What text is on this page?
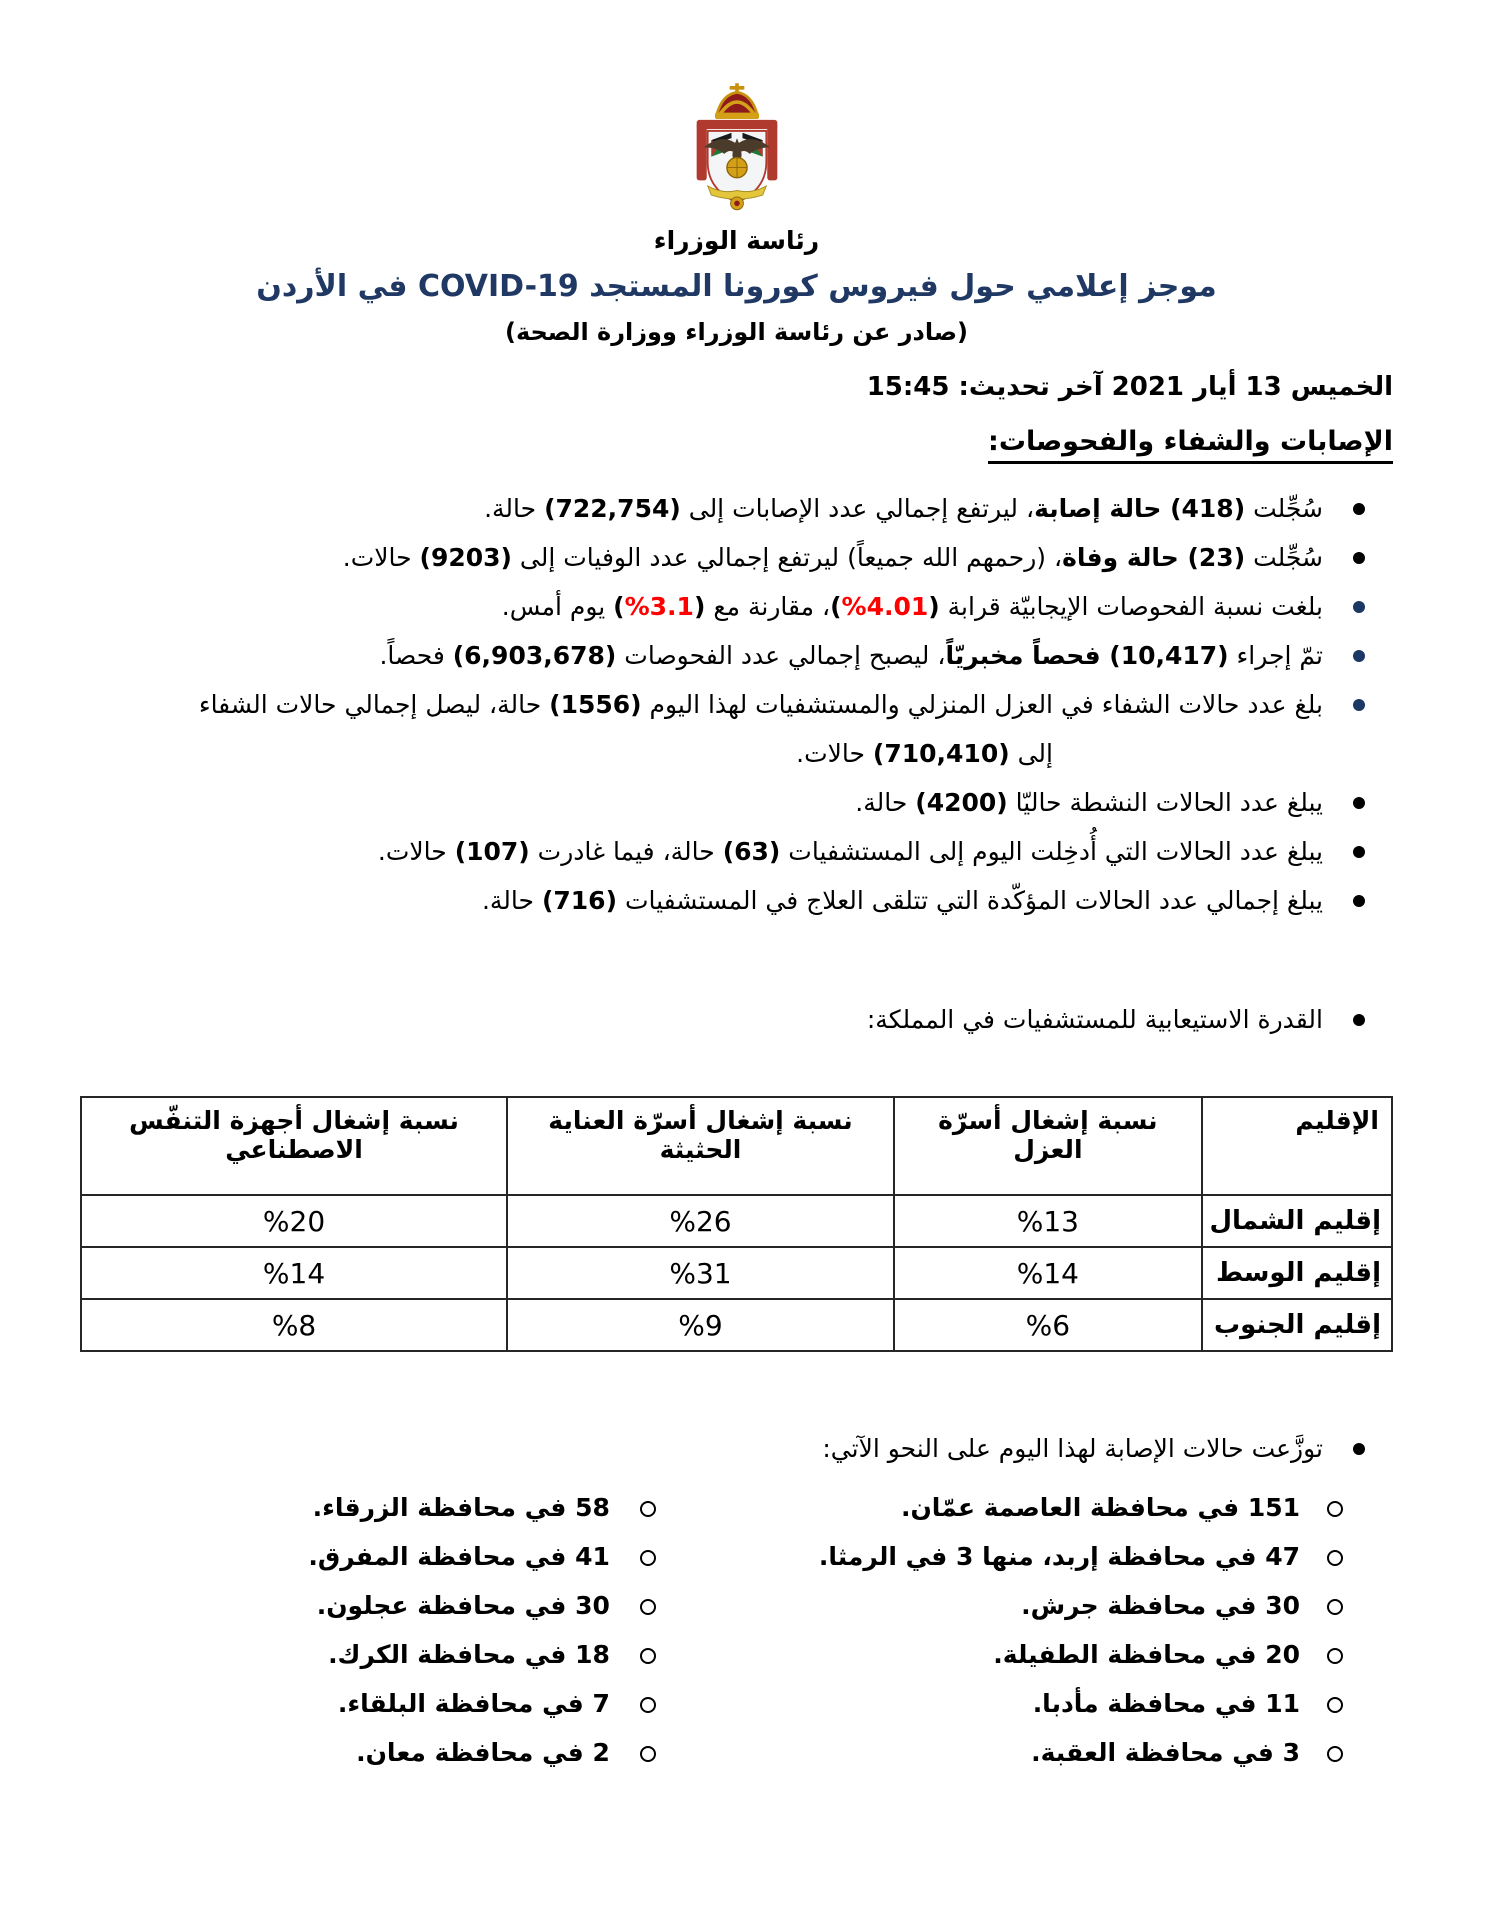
رئاسة الوزراء
موجز إعلامي حول فيروس كورونا المستجد COVID-19 في الأردن
(صادر عن رئاسة الوزراء ووزارة الصحة)
الخميس 13 أيار 2021 آخر تحديث: 15:45
الإصابات والشفاء والفحوصات:
سُجِّلت (418) حالة إصابة، ليرتفع إجمالي عدد الإصابات إلى (722,754) حالة.
سُجِّلت (23) حالة وفاة، (رحمهم الله جميعاً) ليرتفع إجمالي عدد الوفيات إلى (9203) حالات.
بلغت نسبة الفحوصات الإيجابيّة قرابة (%4.01)، مقارنة مع (%3.1) يوم أمس.
تمّ إجراء (10,417) فحصاً مخبريّاً، ليصبح إجمالي عدد الفحوصات (6,903,678) فحصاً.
بلغ عدد حالات الشفاء في العزل المنزلي والمستشفيات لهذا اليوم (1556) حالة، ليصل إجمالي حالات الشفاء
إلى (710,410) حالات.
يبلغ عدد الحالات النشطة حاليّا (4200) حالة.
يبلغ عدد الحالات التي أُدخِلت اليوم إلى المستشفيات (63) حالة، فيما غادرت (107) حالات.
يبلغ إجمالي عدد الحالات المؤكّدة التي تتلقى العلاج في المستشفيات (716) حالة.
القدرة الاستيعابية للمستشفيات في المملكة:
الإقليم	نسبة إشغال أسرّة العزل	نسبة إشغال أسرّة العناية الحثيثة	نسبة إشغال أجهزة التنفّس الاصطناعي
إقليم الشمال	%13	%26	%20
إقليم الوسط	%14	%31	%14
إقليم الجنوب	%6	%9	%8
توزَّعت حالات الإصابة لهذا اليوم على النحو الآتي:
151 في محافظة العاصمة عمّان.
47 في محافظة إربد، منها 3 في الرمثا.
30 في محافظة جرش.
20 في محافظة الطفيلة.
11 في محافظة مأدبا.
3 في محافظة العقبة.
58 في محافظة الزرقاء.
41 في محافظة المفرق.
30 في محافظة عجلون.
18 في محافظة الكرك.
7 في محافظة البلقاء.
2 في محافظة معان.
